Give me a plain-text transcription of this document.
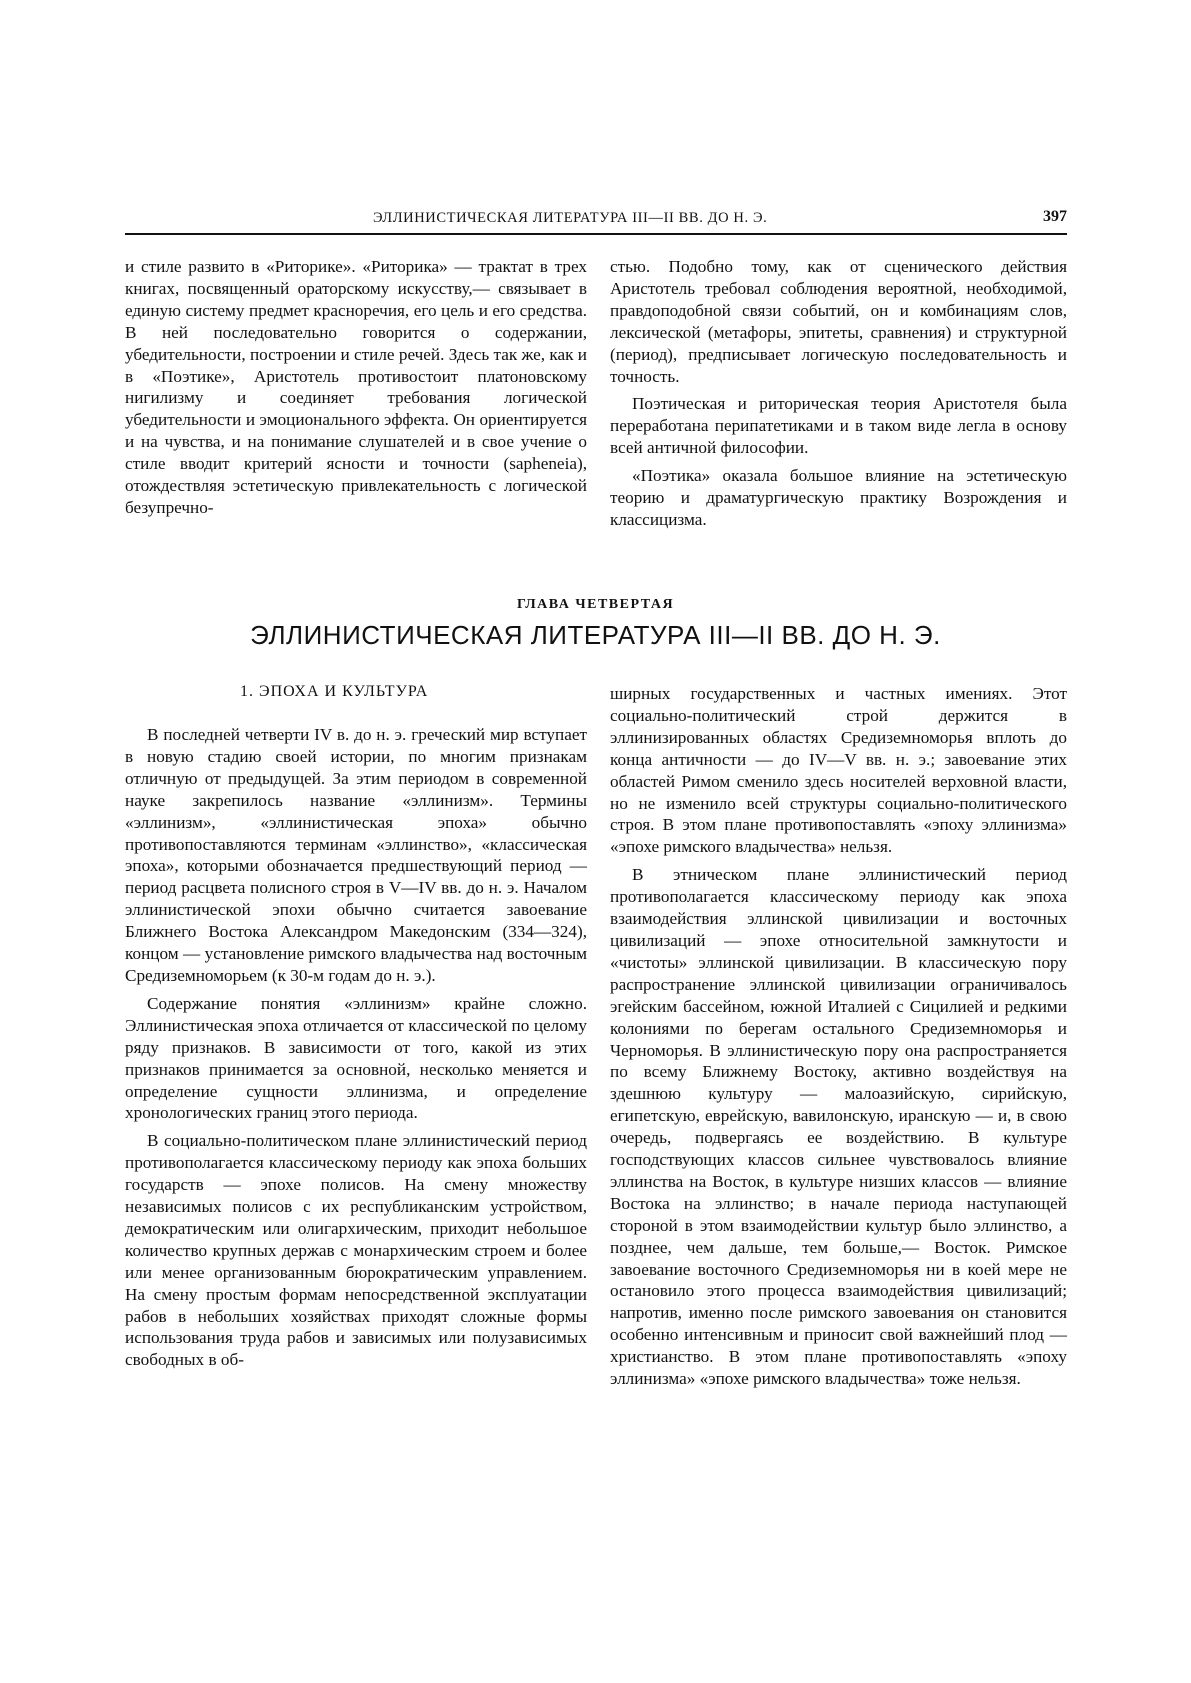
ЭЛЛИНИСТИЧЕСКАЯ ЛИТЕРАТУРА III—II ВВ. ДО Н. Э.	397

и стиле развито в «Риторике». «Риторика» — трактат в трех книгах, посвященный ораторскому искусству,— связывает в единую систему предмет красноречия, его цель и его средства. В ней последовательно говорится о содержании, убедительности, построении и стиле речей. Здесь так же, как и в «Поэтике», Аристотель противостоит платоновскому нигилизму и соединяет требования логической убедительности и эмоционального эффекта. Он ориентируется и на чувства, и на понимание слушателей и в свое учение о стиле вводит критерий ясности и точности (sapheneia), отождествляя эстетическую привлекательность с логической безупречно-

стью. Подобно тому, как от сценического действия Аристотель требовал соблюдения вероятной, необходимой, правдоподобной связи событий, он и комбинациям слов, лексической (метафоры, эпитеты, сравнения) и структурной (период), предписывает логическую последовательность и точность.

Поэтическая и риторическая теория Аристотеля была переработана перипатетиками и в таком виде легла в основу всей античной философии.

«Поэтика» оказала большое влияние на эстетическую теорию и драматургическую практику Возрождения и классицизма.

ГЛАВА ЧЕТВЕРТАЯ
ЭЛЛИНИСТИЧЕСКАЯ ЛИТЕРАТУРА III—II ВВ. ДО Н. Э.
1. ЭПОХА И КУЛЬТУРА

В последней четверти IV в. до н. э. греческий мир вступает в новую стадию своей истории, по многим признакам отличную от предыдущей. За этим периодом в современной науке закрепилось название «эллинизм». Термины «эллинизм», «эллинистическая эпоха» обычно противопоставляются терминам «эллинство», «классическая эпоха», которыми обозначается предшествующий период — период расцвета полисного строя в V—IV вв. до н. э. Началом эллинистической эпохи обычно считается завоевание Ближнего Востока Александром Македонским (334—324), концом — установление римского владычества над восточным Средиземноморьем (к 30-м годам до н. э.).

Содержание понятия «эллинизм» крайне сложно. Эллинистическая эпоха отличается от классической по целому ряду признаков. В зависимости от того, какой из этих признаков принимается за основной, несколько меняется и определение сущности эллинизма, и определение хронологических границ этого периода.

В социально-политическом плане эллинистический период противополагается классическому периоду как эпоха больших государств — эпохе полисов. На смену множеству независимых полисов с их республиканским устройством, демократическим или олигархическим, приходит небольшое количество крупных держав с монархическим строем и более или менее организованным бюрократическим управлением. На смену простым формам непосредственной эксплуатации рабов в небольших хозяйствах приходят сложные формы использования труда рабов и зависимых или полузависимых свободных в об-

ширных государственных и частных имениях. Этот социально-политический строй держится в эллинизированных областях Средиземноморья вплоть до конца античности — до IV—V вв. н. э.; завоевание этих областей Римом сменило здесь носителей верховной власти, но не изменило всей структуры социально-политического строя. В этом плане противопоставлять «эпоху эллинизма» «эпохе римского владычества» нельзя.

В этническом плане эллинистический период противополагается классическому периоду как эпоха взаимодействия эллинской цивилизации и восточных цивилизаций — эпохе относительной замкнутости и «чистоты» эллинской цивилизации. В классическую пору распространение эллинской цивилизации ограничивалось эгейским бассейном, южной Италией с Сицилией и редкими колониями по берегам остального Средиземноморья и Черноморья. В эллинистическую пору она распространяется по всему Ближнему Востоку, активно воздействуя на здешнюю культуру — малоазийскую, сирийскую, египетскую, еврейскую, вавилонскую, иранскую — и, в свою очередь, подвергаясь ее воздействию. В культуре господствующих классов сильнее чувствовалось влияние эллинства на Восток, в культуре низших классов — влияние Востока на эллинство; в начале периода наступающей стороной в этом взаимодействии культур было эллинство, а позднее, чем дальше, тем больше,— Восток. Римское завоевание восточного Средиземноморья ни в коей мере не остановило этого процесса взаимодействия цивилизаций; напротив, именно после римского завоевания он становится особенно интенсивным и приносит свой важнейший плод — христианство. В этом плане противопоставлять «эпоху эллинизма» «эпохе римского владычества» тоже нельзя.
